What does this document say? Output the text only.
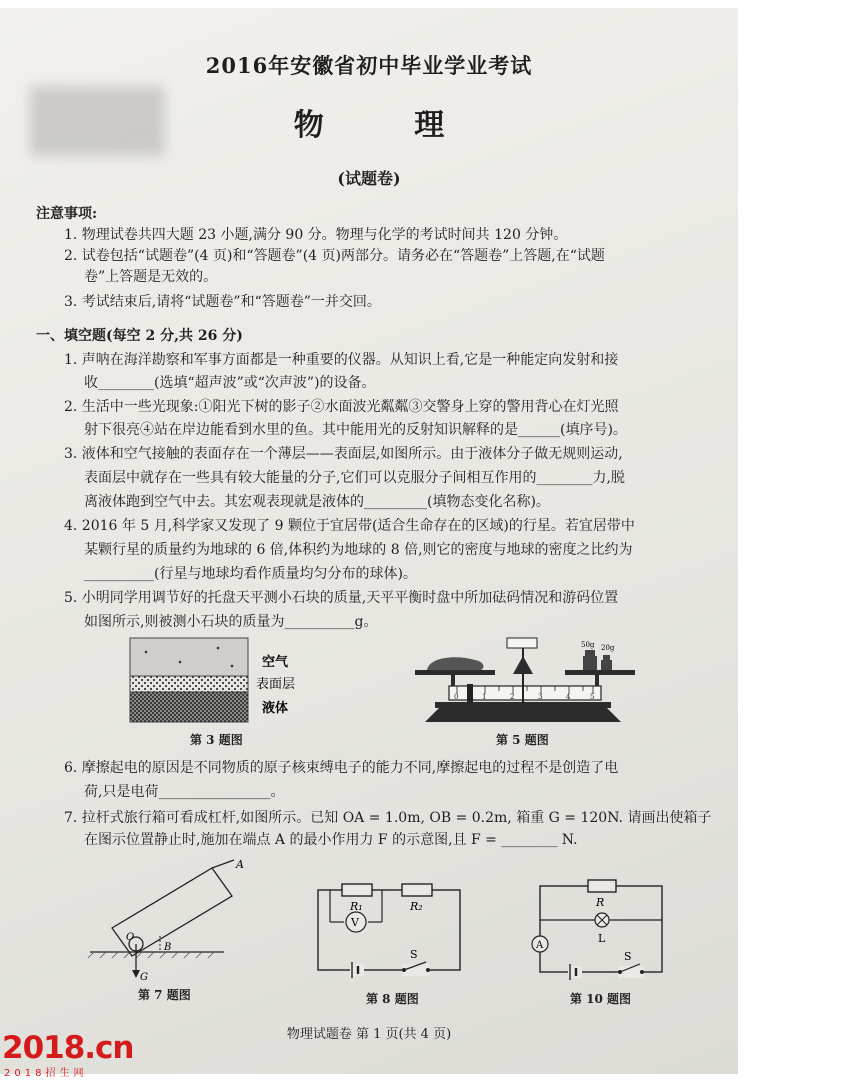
2016年安徽省初中毕业学业考试
物 理
(试题卷)
注意事项:
1. 物理试卷共四大题 23 小题,满分 90 分。物理与化学的考试时间共 120 分钟。
2. 试卷包括“试题卷”(4 页)和“答题卷”(4 页)两部分。请务必在“答题卷”上答题,在“试题
卷”上答题是无效的。
3. 考试结束后,请将“试题卷”和“答题卷”一并交回。
一、填空题(每空 2 分,共 26 分)
1. 声呐在海洋勘察和军事方面都是一种重要的仪器。从知识上看,它是一种能定向发射和接
收________(选填“超声波”或“次声波”)的设备。
2. 生活中一些光现象:①阳光下树的影子②水面波光粼粼③交警身上穿的警用背心在灯光照
射下很亮④站在岸边能看到水里的鱼。其中能用光的反射知识解释的是______(填序号)。
3. 液体和空气接触的表面存在一个薄层——表面层,如图所示。由于液体分子做无规则运动,
表面层中就存在一些具有较大能量的分子,它们可以克服分子间相互作用的________力,脱
离液体跑到空气中去。其宏观表现就是液体的_________(填物态变化名称)。
4. 2016 年 5 月,科学家又发现了 9 颗位于宜居带(适合生命存在的区域)的行星。若宜居带中
某颗行星的质量约为地球的 6 倍,体积约为地球的 8 倍,则它的密度与地球的密度之比约为
__________(行星与地球均看作质量均匀分布的球体)。
5. 小明同学用调节好的托盘天平测小石块的质量,天平平衡时盘中所加砝码情况和游码位置
如图所示,则被测小石块的质量为__________g。
空气
表面层
液体
第 3 题图
0	1	2	3	4	5
50g 20g
第 5 题图
6. 摩擦起电的原因是不同物质的原子核束缚电子的能力不同,摩擦起电的过程不是创造了电
荷,只是电荷________________。
7. 拉杆式旅行箱可看成杠杆,如图所示。已知 OA = 1.0m, OB = 0.2m, 箱重 G = 120N. 请画出使箱子
在图示位置静止时,施加在端点 A 的最小作用力 F 的示意图,且 F = ________ N.
A
O
B
G
第 7 题图
V
R₁	R₂
S
第 8 题图
A
R
L
S
第 10 题图
物理试题卷 第 1 页(共 4 页)
2018.cn
2018招生网
